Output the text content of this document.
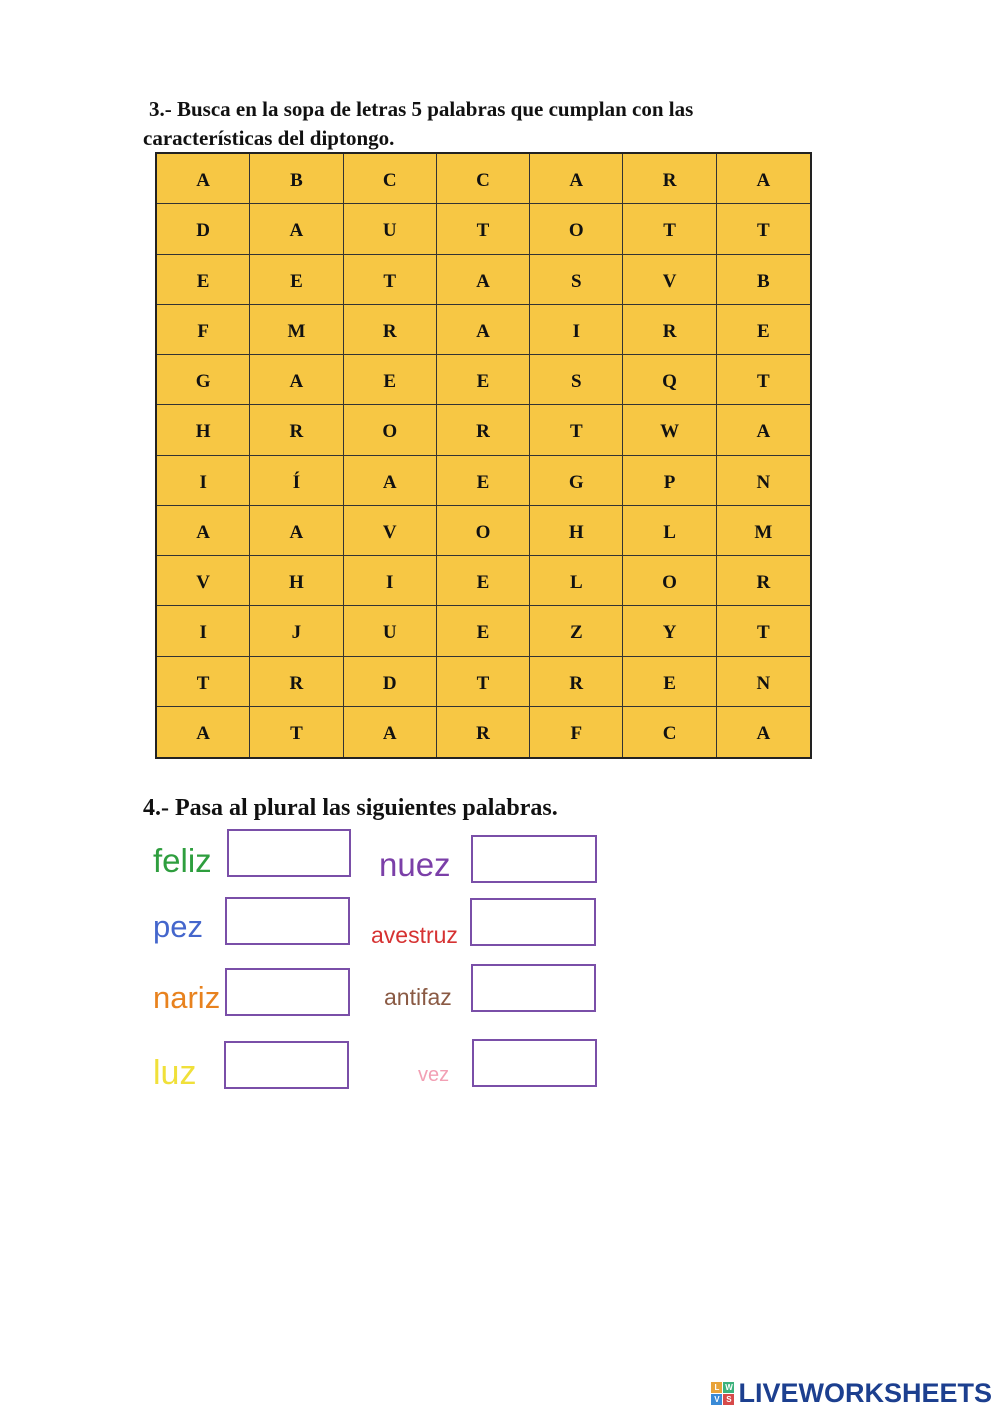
3.- Busca en la sopa de letras 5 palabras que cumplan con las
características del diptongo.
A	B	C	C	A	R	A
D	A	U	T	O	T	T
E	E	T	A	S	V	B
F	M	R	A	I	R	E
G	A	E	E	S	Q	T
H	R	O	R	T	W	A
I	Í	A	E	G	P	N
A	A	V	O	H	L	M
V	H	I	E	L	O	R
I	J	U	E	Z	Y	T
T	R	D	T	R	E	N
A	T	A	R	F	C	A
4.- Pasa al plural las siguientes palabras.
feliz
pez
nariz
luz
nuez
avestruz
antifaz
vez
L W
V S LIVEWORKSHEETS
